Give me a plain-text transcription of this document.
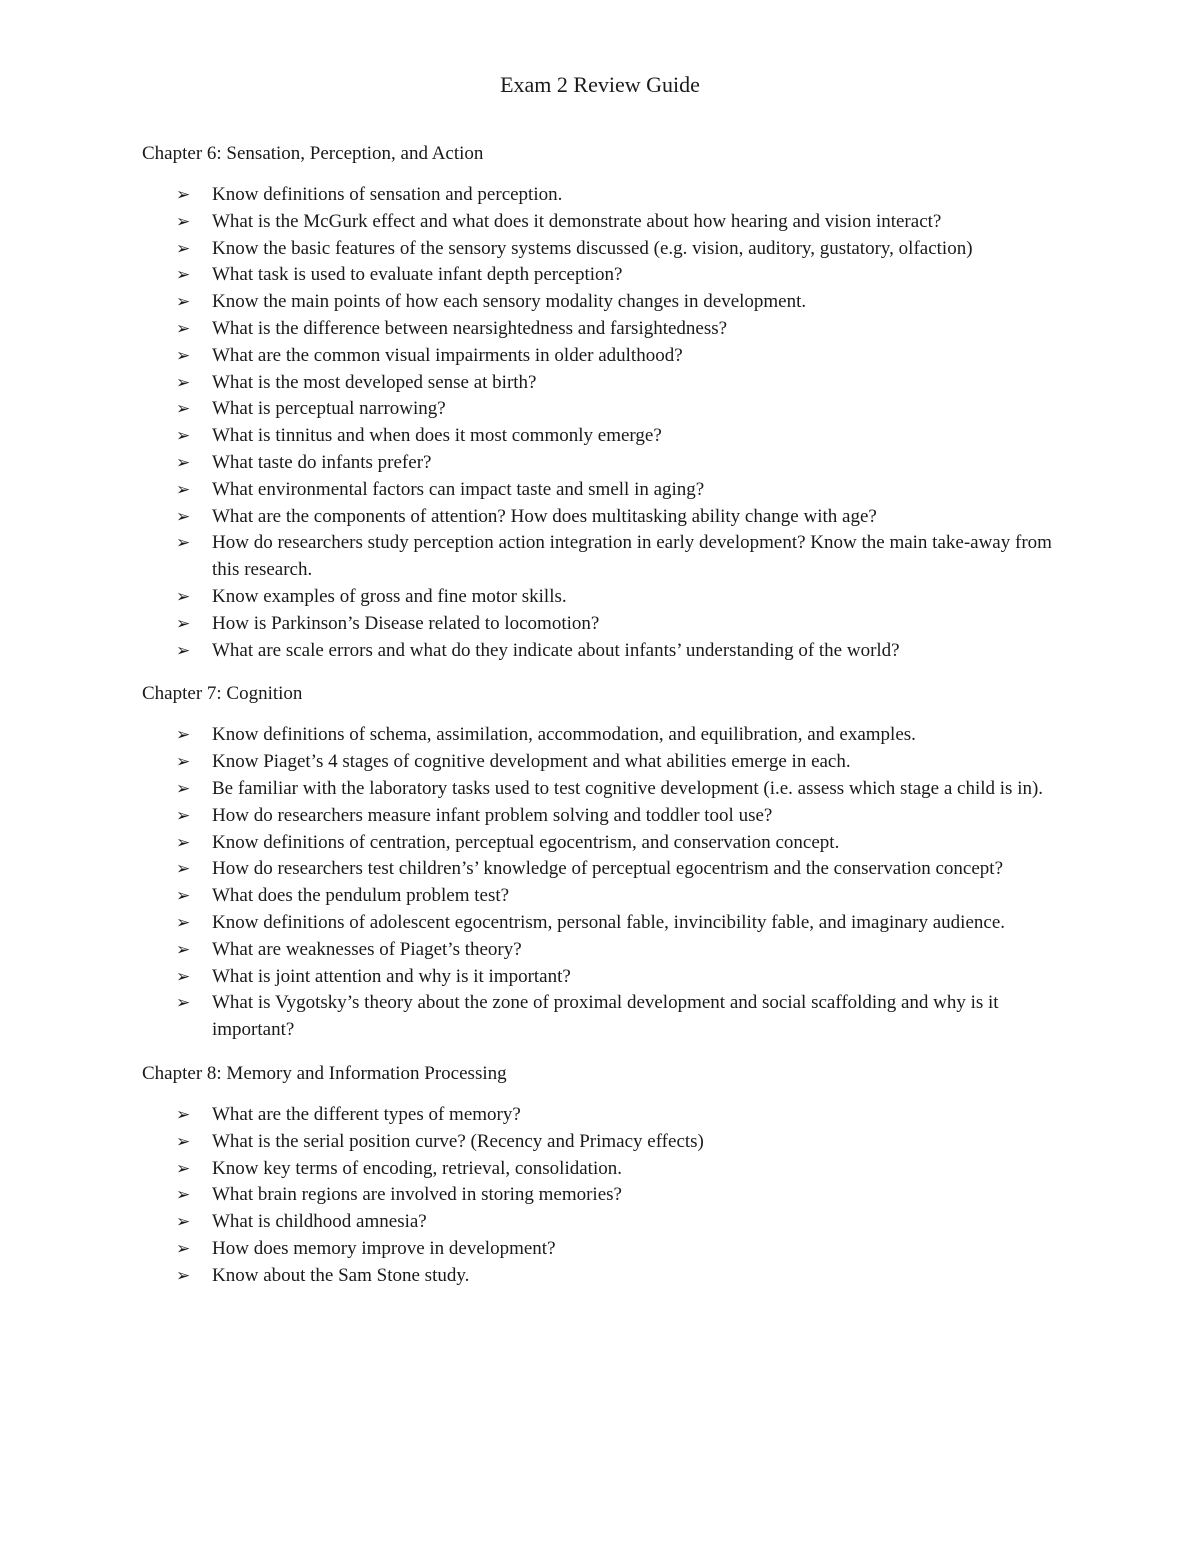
Exam 2 Review Guide
Chapter 6: Sensation, Perception, and Action
➢ Know definitions of sensation and perception.
➢ What is the McGurk effect and what does it demonstrate about how hearing and vision interact?
➢ Know the basic features of the sensory systems discussed (e.g. vision, auditory, gustatory, olfaction)
➢ What task is used to evaluate infant depth perception?
➢ Know the main points of how each sensory modality changes in development.
➢ What is the difference between nearsightedness and farsightedness?
➢ What are the common visual impairments in older adulthood?
➢ What is the most developed sense at birth?
➢ What is perceptual narrowing?
➢ What is tinnitus and when does it most commonly emerge?
➢ What taste do infants prefer?
➢ What environmental factors can impact taste and smell in aging?
➢ What are the components of attention? How does multitasking ability change with age?
➢ How do researchers study perception action integration in early development? Know the main take-away from this research.
➢ Know examples of gross and fine motor skills.
➢ How is Parkinson’s Disease related to locomotion?
➢ What are scale errors and what do they indicate about infants’ understanding of the world?
Chapter 7: Cognition
➢ Know definitions of schema, assimilation, accommodation, and equilibration, and examples.
➢ Know Piaget’s 4 stages of cognitive development and what abilities emerge in each.
➢ Be familiar with the laboratory tasks used to test cognitive development (i.e. assess which stage a child is in).
➢ How do researchers measure infant problem solving and toddler tool use?
➢ Know definitions of centration, perceptual egocentrism, and conservation concept.
➢ How do researchers test children’s’ knowledge of perceptual egocentrism and the conservation concept?
➢ What does the pendulum problem test?
➢ Know definitions of adolescent egocentrism, personal fable, invincibility fable, and imaginary audience.
➢ What are weaknesses of Piaget’s theory?
➢ What is joint attention and why is it important?
➢ What is Vygotsky’s theory about the zone of proximal development and social scaffolding and why is it important?
Chapter 8: Memory and Information Processing
➢ What are the different types of memory?
➢ What is the serial position curve? (Recency and Primacy effects)
➢ Know key terms of encoding, retrieval, consolidation.
➢ What brain regions are involved in storing memories?
➢ What is childhood amnesia?
➢ How does memory improve in development?
➢ Know about the Sam Stone study.
